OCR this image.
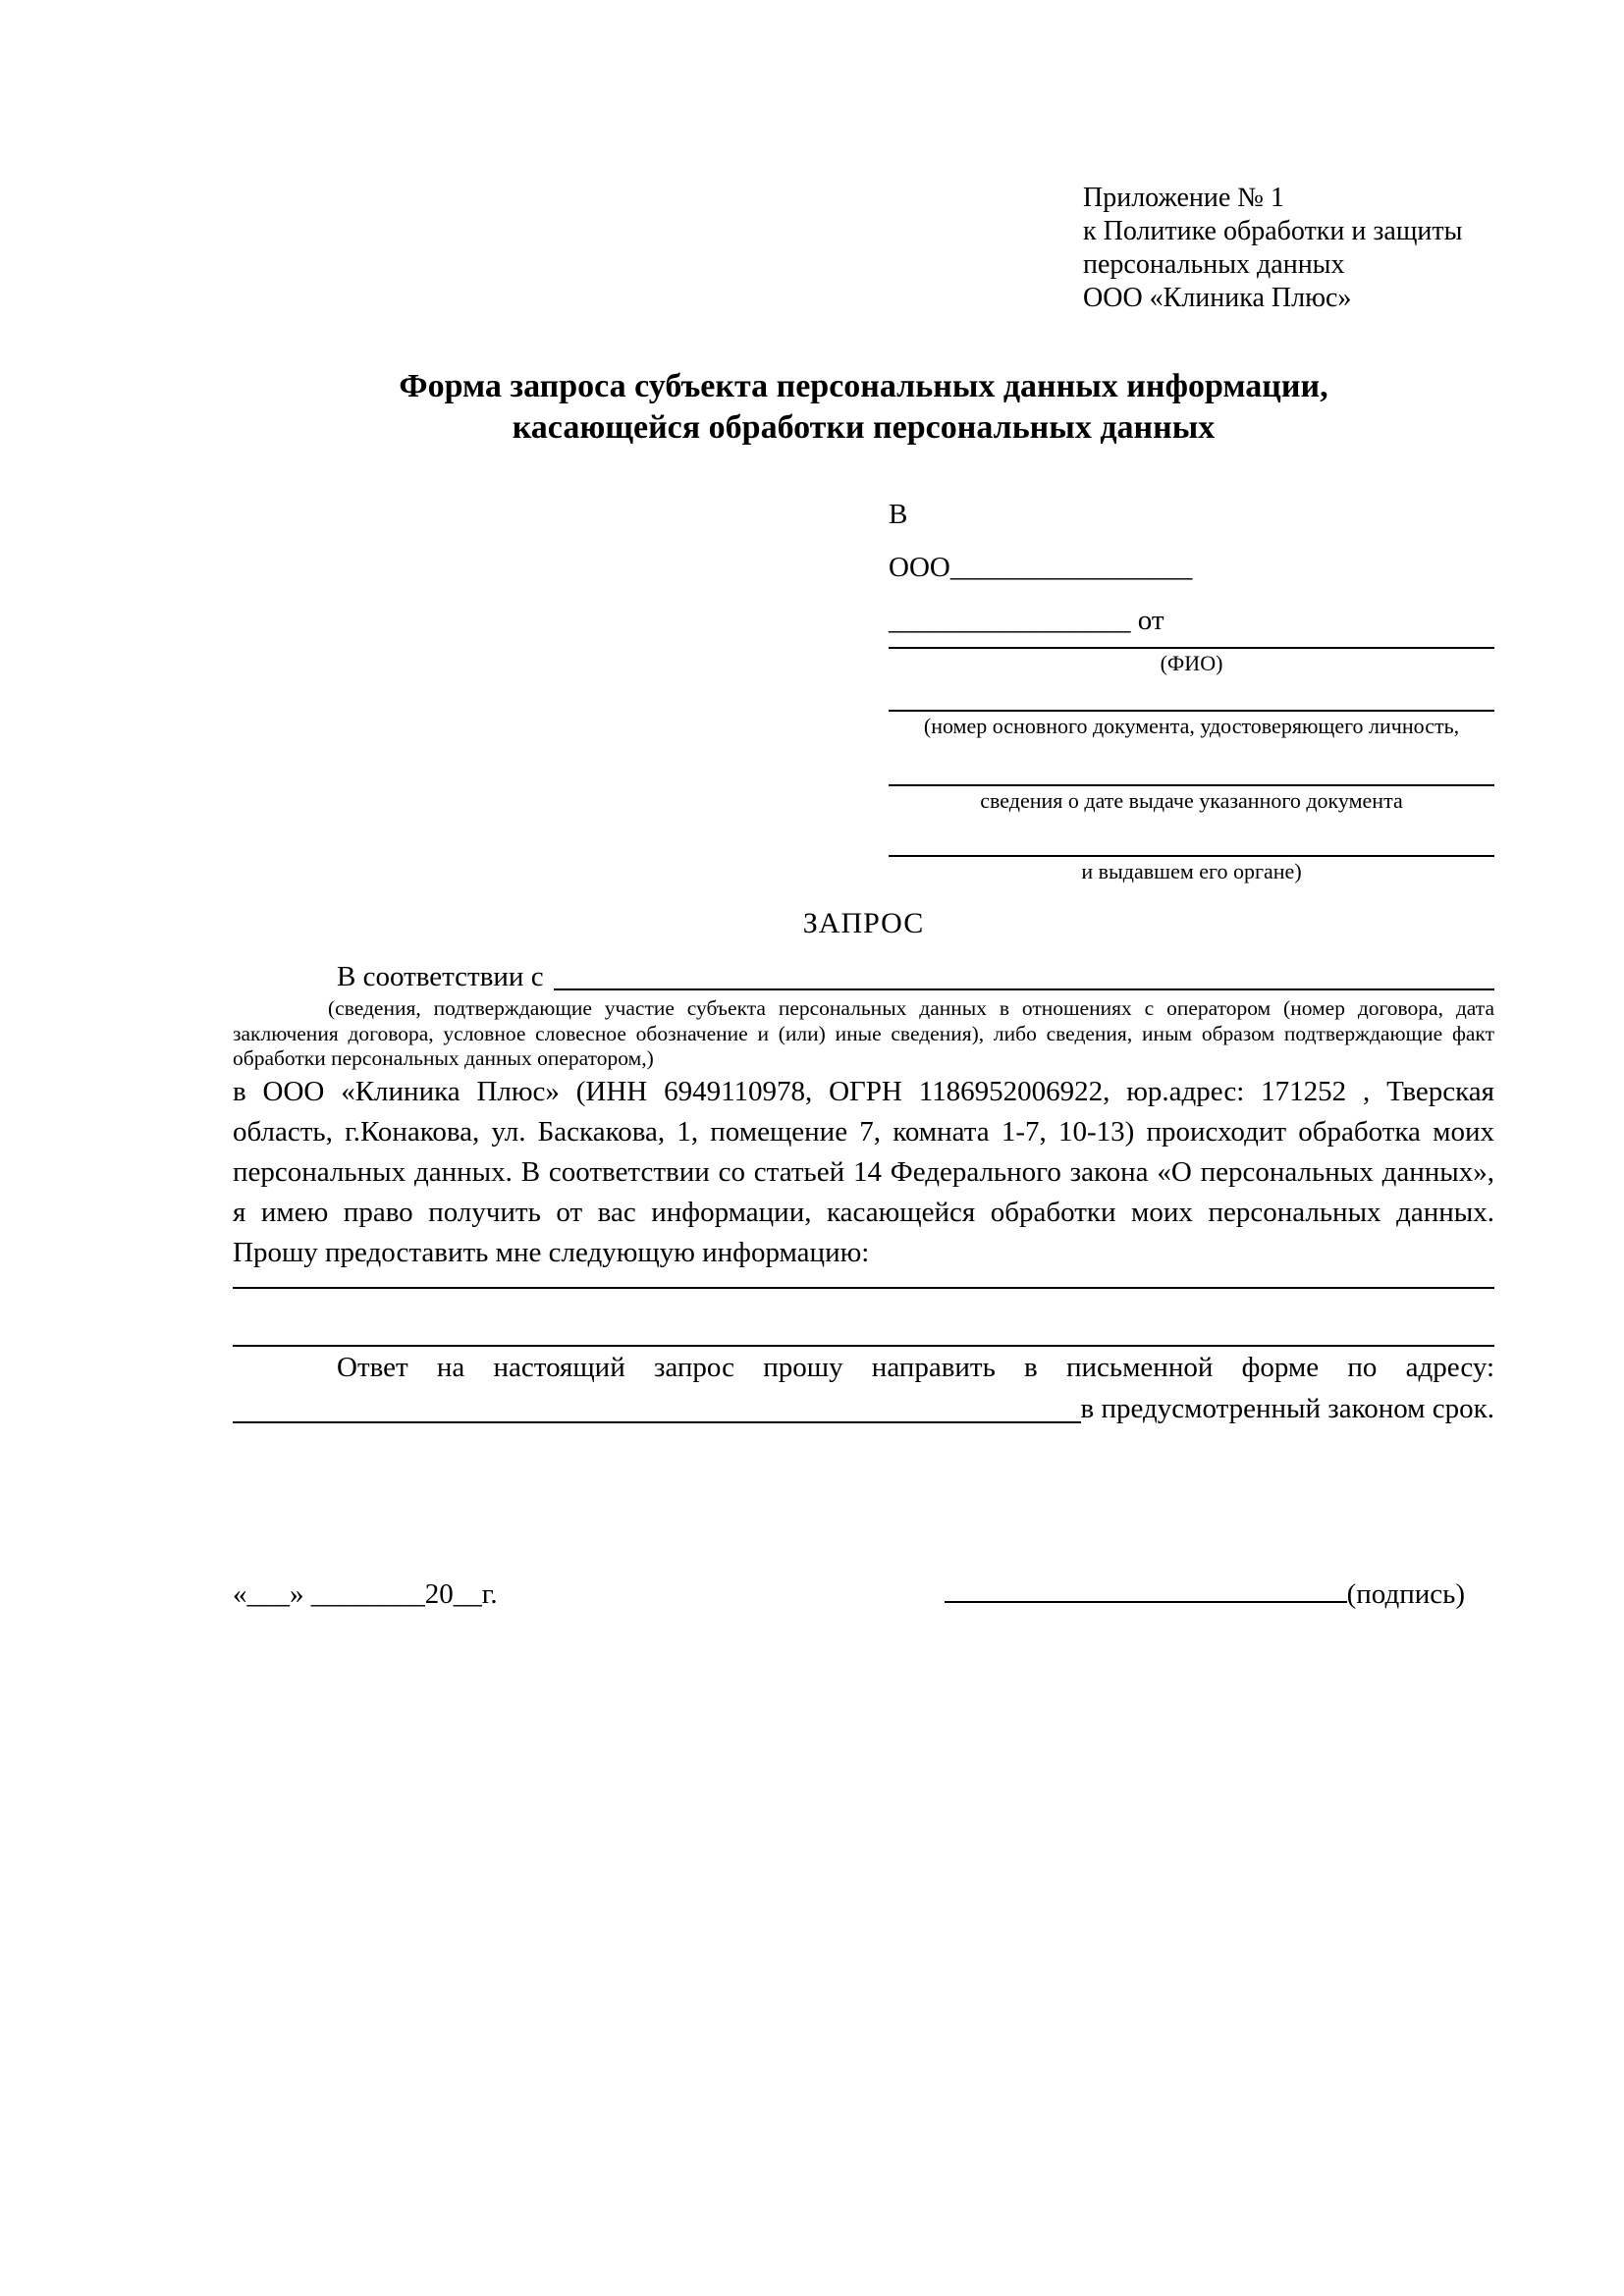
Приложение № 1
к Политике обработки и защиты
персональных данных
ООО «Клиника Плюс»
Форма запроса субъекта персональных данных информации,
касающейся обработки персональных данных
В
ООО_________________
_________________ от
(ФИО)
(номер основного документа, удостоверяющего личность,
сведения о дате выдаче указанного документа
и выдавшем его органе)
ЗАПРОС
В соответствии с
(сведения, подтверждающие участие субъекта персональных данных в отношениях с оператором (номер договора, дата заключения договора, условное словесное обозначение и (или) иные сведения), либо сведения, иным образом подтверждающие факт обработки персональных данных оператором,)
в ООО «Клиника Плюс» (ИНН 6949110978, ОГРН 1186952006922, юр.адрес: 171252 , Тверская область, г.Конакова, ул. Баскакова, 1, помещение 7, комната 1-7, 10-13) происходит обработка моих персональных данных. В соответствии со статьей 14 Федерального закона «О персональных данных», я имею право получить от вас информации, касающейся обработки моих персональных данных. Прошу предоставить мне следующую информацию:
Ответ на настоящий запрос прошу направить в письменной форме по адресу:
в предусмотренный законом срок.
«___» ________20__г.	(подпись)
